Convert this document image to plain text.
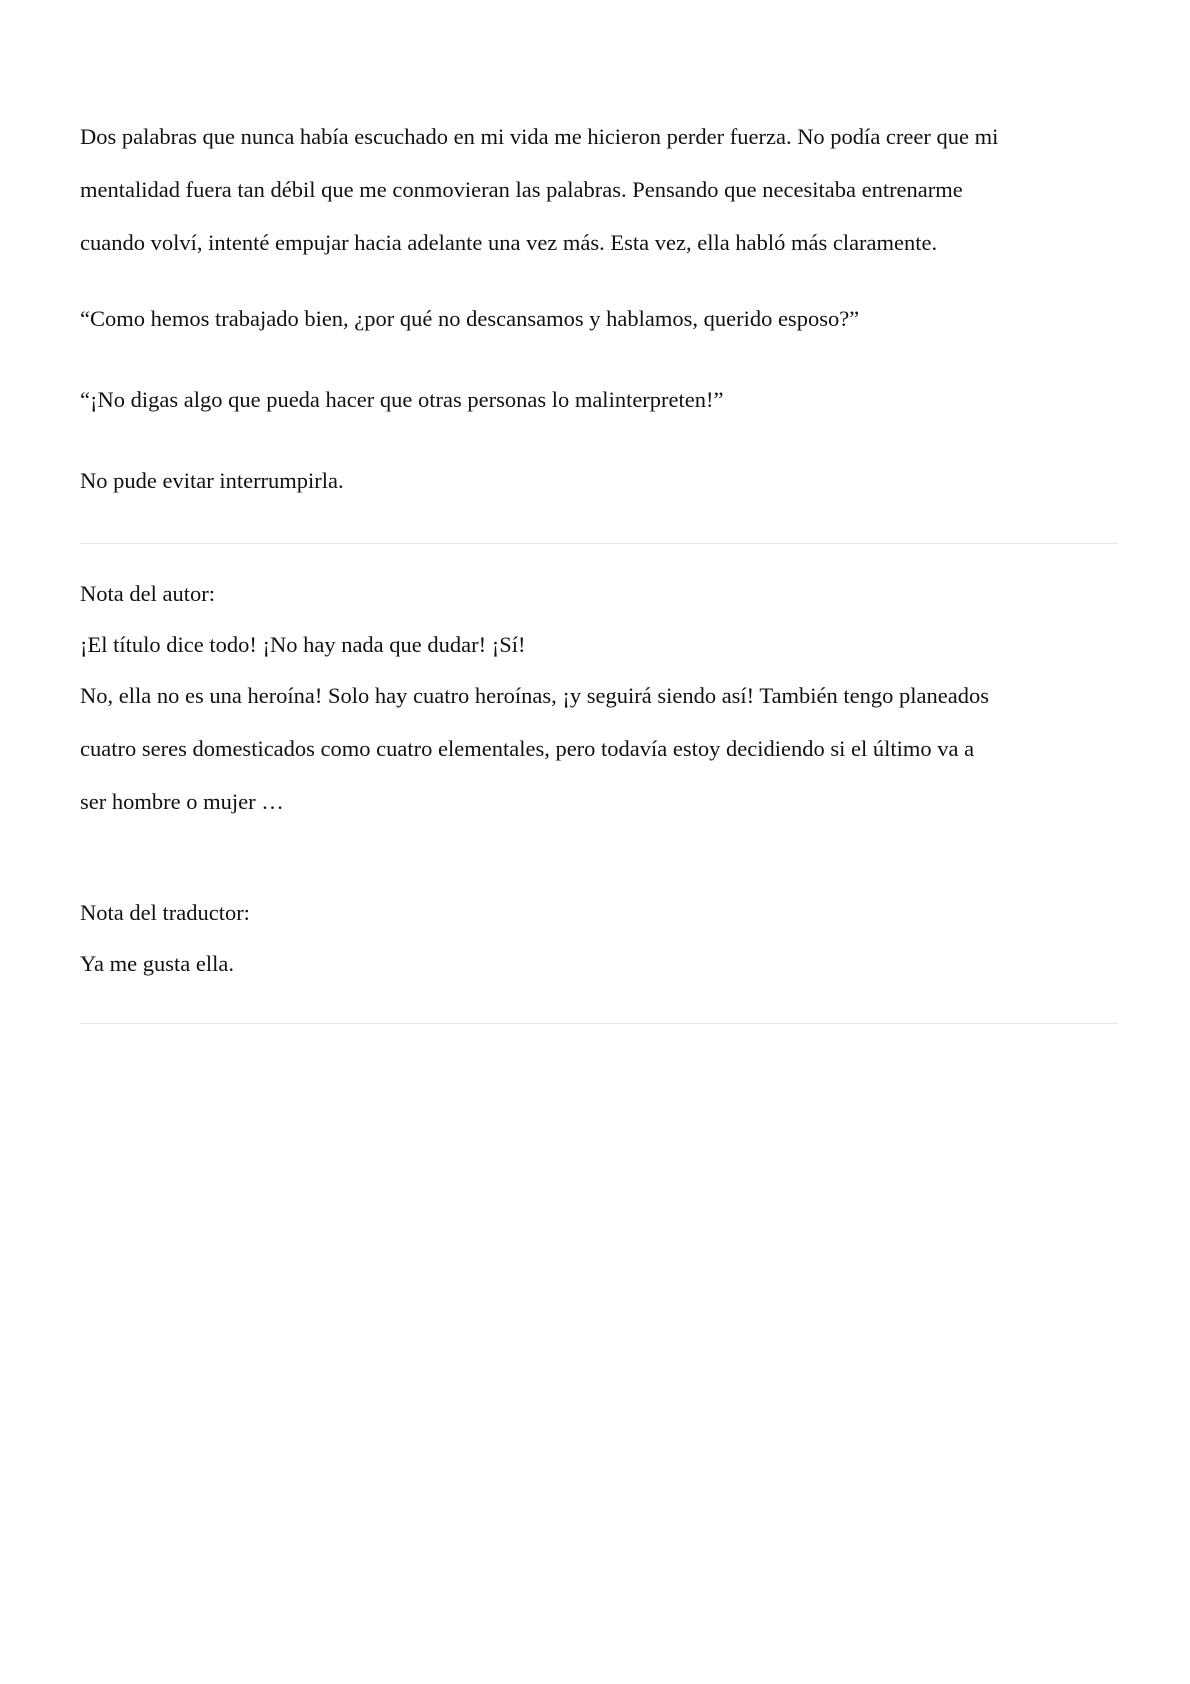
Dos palabras que nunca había escuchado en mi vida me hicieron perder fuerza. No podía creer que mi
mentalidad fuera tan débil que me conmovieran las palabras. Pensando que necesitaba entrenarme
cuando volví, intenté empujar hacia adelante una vez más. Esta vez, ella habló más claramente.
“Como hemos trabajado bien, ¿por qué no descansamos y hablamos, querido esposo?”
“¡No digas algo que pueda hacer que otras personas lo malinterpreten!”
No pude evitar interrumpirla.
Nota del autor:
¡El título dice todo! ¡No hay nada que dudar! ¡Sí!
No, ella no es una heroína! Solo hay cuatro heroínas, ¡y seguirá siendo así! También tengo planeados
cuatro seres domesticados como cuatro elementales, pero todavía estoy decidiendo si el último va a
ser hombre o mujer …
Nota del traductor:
Ya me gusta ella.
